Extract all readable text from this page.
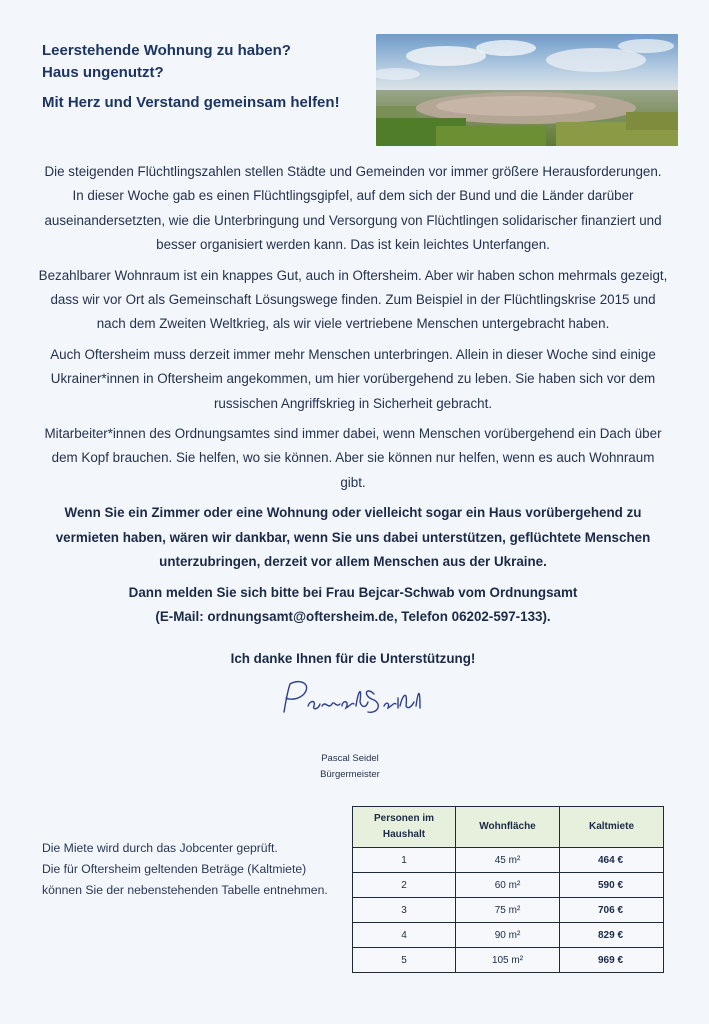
Leerstehende Wohnung zu haben?
Haus ungenutzt?
Mit Herz und Verstand gemeinsam helfen!

Die steigenden Flüchtlingszahlen stellen Städte und Gemeinden vor immer größere Herausforderungen. In dieser Woche gab es einen Flüchtlingsgipfel, auf dem sich der Bund und die Länder darüber auseinandersetzten, wie die Unterbringung und Versorgung von Flüchtlingen solidarischer finanziert und besser organisiert werden kann. Das ist kein leichtes Unterfangen.

Bezahlbarer Wohnraum ist ein knappes Gut, auch in Oftersheim. Aber wir haben schon mehrmals gezeigt, dass wir vor Ort als Gemeinschaft Lösungswege finden. Zum Beispiel in der Flüchtlingskrise 2015 und nach dem Zweiten Weltkrieg, als wir viele vertriebene Menschen untergebracht haben.

Auch Oftersheim muss derzeit immer mehr Menschen unterbringen. Allein in dieser Woche sind einige Ukrainer*innen in Oftersheim angekommen, um hier vorübergehend zu leben. Sie haben sich vor dem russischen Angriffskrieg in Sicherheit gebracht.

Mitarbeiter*innen des Ordnungsamtes sind immer dabei, wenn Menschen vorübergehend ein Dach über dem Kopf brauchen. Sie helfen, wo sie können. Aber sie können nur helfen, wenn es auch Wohnraum gibt.

Wenn Sie ein Zimmer oder eine Wohnung oder vielleicht sogar ein Haus vorübergehend zu vermieten haben, wären wir dankbar, wenn Sie uns dabei unterstützen, geflüchtete Menschen unterzubringen, derzeit vor allem Menschen aus der Ukraine.

Dann melden Sie sich bitte bei Frau Bejcar-Schwab vom Ordnungsamt

(E-Mail: ordnungsamt@oftersheim.de, Telefon 06202-597-133).

Ich danke Ihnen für die Unterstützung!

Pascal Seidel
Bürgermeister

Die Miete wird durch das Jobcenter geprüft.

Die für Oftersheim geltenden Beträge (Kaltmiete) können Sie der nebenstehenden Tabelle entnehmen.

Personen im Haushalt	Wohnfläche	Kaltmiete
1	45 m²	464 €
2	60 m²	590 €
3	75 m²	706 €
4	90 m²	829 €
5	105 m²	969 €
